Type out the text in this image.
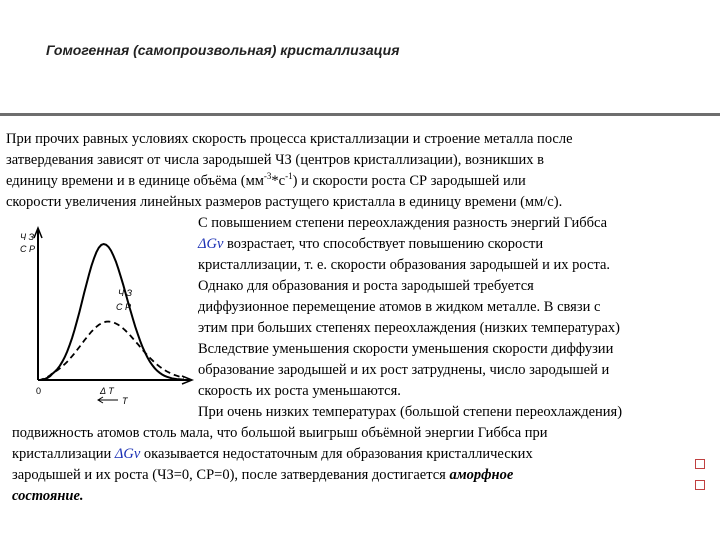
Гомогенная (самопроизвольная) кристаллизация
При прочих равных условиях скорость процесса кристаллизации и строение металла после
затвердевания зависят от числа зародышей ЧЗ (центров кристаллизации), возникших в
единицу времени и в единице объёма $(мм^{-3}*с^{-1})$ и скорости роста СР зародышей или
скорости увеличения линейных размеров растущего кристалла в единицу времени (мм/с).
С повышением степени переохлаждения разность энергий Гиббса
ΔGv возрастает, что способствует повышению скорости
кристаллизации, т. е. скорости образования зародышей и их роста.
Однако для образования и роста зародышей требуется
диффузионное перемещение атомов в жидком металле. В связи с
этим при больших степенях переохлаждения (низких температурах)
Вследствие уменьшения скорости уменьшения скорости диффузии
образование зародышей и их рост затруднены, число зародышей и
скорость их роста уменьшаются.
При очень низких температурах (большой степени переохлаждения)
подвижность атомов столь мала, что большой выигрыш объёмной энергии Гиббса при
кристаллизации ΔGv оказывается недостаточным для образования кристаллических
зародышей и их роста (ЧЗ=0, СР=0), после затвердевания достигается аморфное
состояние.
Ч З
С Р
Ч З
С Р
0	Δ T
T
